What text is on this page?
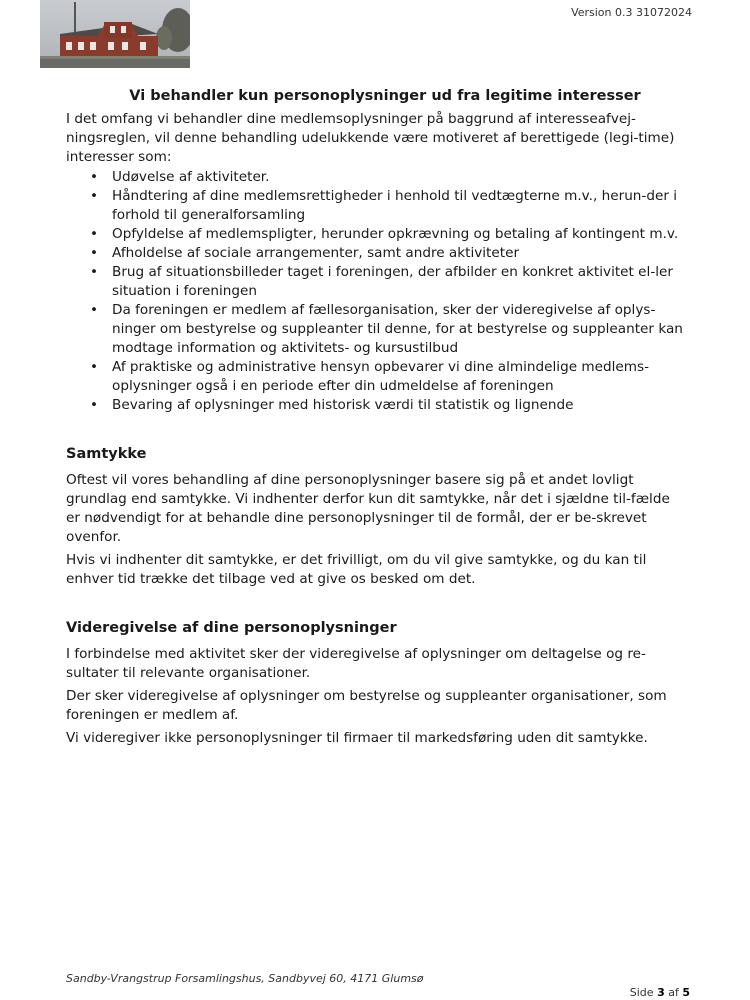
Version 0.3 31072024
Vi behandler kun personoplysninger ud fra legitime interesser

I det omfang vi behandler dine medlemsoplysninger på baggrund af interesseafvej-ningsreglen, vil denne behandling udelukkende være motiveret af berettigede (legi-time) interesser som:

• Udøvelse af aktiviteter.
• Håndtering af dine medlemsrettigheder i henhold til vedtægterne m.v., herun-der i forhold til generalforsamling
• Opfyldelse af medlemspligter, herunder opkrævning og betaling af kontingent m.v.
• Afholdelse af sociale arrangementer, samt andre aktiviteter
• Brug af situationsbilleder taget i foreningen, der afbilder en konkret aktivitet el-ler situation i foreningen
• Da foreningen er medlem af fællesorganisation, sker der videregivelse af oplys-ninger om bestyrelse og suppleanter til denne, for at bestyrelse og suppleanter kan modtage information og aktivitets- og kursustilbud
• Af praktiske og administrative hensyn opbevarer vi dine almindelige medlems-oplysninger også i en periode efter din udmeldelse af foreningen
• Bevaring af oplysninger med historisk værdi til statistik og lignende
Samtykke

Oftest vil vores behandling af dine personoplysninger basere sig på et andet lovligt grundlag end samtykke. Vi indhenter derfor kun dit samtykke, når det i sjældne til-fælde er nødvendigt for at behandle dine personoplysninger til de formål, der er be-skrevet ovenfor.

Hvis vi indhenter dit samtykke, er det frivilligt, om du vil give samtykke, og du kan til enhver tid trække det tilbage ved at give os besked om det.

Videregivelse af dine personoplysninger

I forbindelse med aktivitet sker der videregivelse af oplysninger om deltagelse og re-sultater til relevante organisationer.

Der sker videregivelse af oplysninger om bestyrelse og suppleanter organisationer, som foreningen er medlem af.

Vi videregiver ikke personoplysninger til firmaer til markedsføring uden dit samtykke.

Sandby-Vrangstrup Forsamlingshus, Sandbyvej 60, 4171 Glumsø
Side 3 af 5
